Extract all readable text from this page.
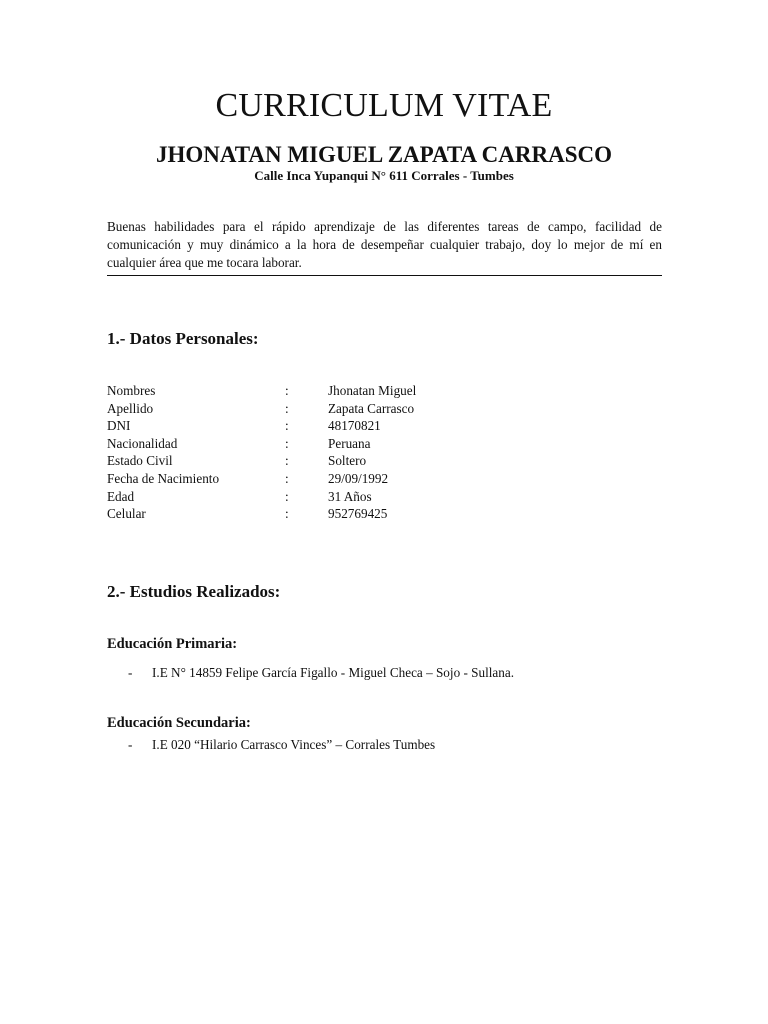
CURRICULUM VITAE
JHONATAN MIGUEL ZAPATA CARRASCO
Calle Inca Yupanqui N° 611 Corrales - Tumbes
Buenas habilidades para el rápido aprendizaje de las diferentes tareas de campo, facilidad de comunicación y muy dinámico a la hora de desempeñar cualquier trabajo, doy lo mejor de mí en cualquier área que me tocara laborar.
1.- Datos Personales:
Nombres	:	Jhonatan Miguel
Apellido	:	Zapata Carrasco
DNI	:	48170821
Nacionalidad	:	Peruana
Estado Civil	:	Soltero
Fecha de Nacimiento	:	29/09/1992
Edad	:	31 Años
Celular	:	952769425
2.- Estudios Realizados:
Educación Primaria:
- I.E N° 14859 Felipe García Figallo - Miguel Checa – Sojo - Sullana.
Educación Secundaria:
- I.E 020 “Hilario Carrasco Vinces” – Corrales Tumbes
